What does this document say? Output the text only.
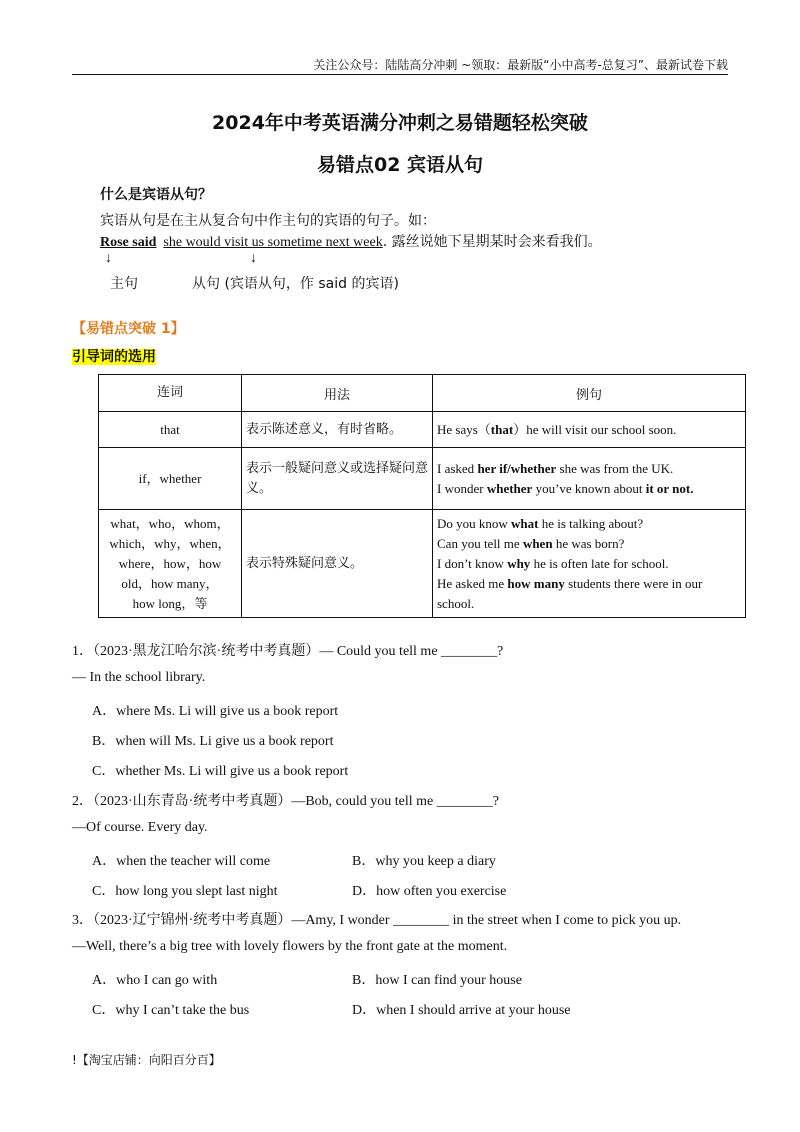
关注公众号：陆陆高分冲刺 ~领取：最新版“小中高考-总复习”、最新试卷下载
2024年中考英语满分冲刺之易错题轻松突破
易错点02 宾语从句
什么是宾语从句？
宾语从句是在主从复合句中作主句的宾语的句子。如：
Rose said she would visit us sometime next week. 露丝说她下星期某时会来看我们。
↓	↓
主句	从句 (宾语从句，作 said 的宾语)
【易错点突破 1】
引导词的选用
连词	用法	例句

that	表示陈述意义，有时省略。	He says（that）he will visit our school soon.

if，whether	表示一般疑问意义或选择疑问意义。	I asked her if/whether she was from the UK.
I wonder whether you’ve known about it or not.

what，who，whom，
which，why，when，
where，how，how
old，how many，
how long，等	表示特殊疑问意义。	Do you know what he is talking about?
Can you tell me when he was born?
I don’t know why he is often late for school.
He asked me how many students there were in our
school.
1．（2023·黑龙江哈尔滨·统考中考真题）— Could you tell me ________?
— In the school library.
A．where Ms. Li will give us a book report
B．when will Ms. Li give us a book report
C．whether Ms. Li will give us a book report
2．（2023·山东青岛·统考中考真题）—Bob, could you tell me ________?
—Of course. Every day.
A．when the teacher will come	B．why you keep a diary
C．how long you slept last night	D．how often you exercise
3．（2023·辽宁锦州·统考中考真题）—Amy, I wonder ________ in the street when I come to pick you up.
—Well, there’s a big tree with lovely flowers by the front gate at the moment.
A．who I can go with	B．how I can find your house
C．why I can’t take the bus	D．when I should arrive at your house
!【淘宝店铺：向阳百分百】
